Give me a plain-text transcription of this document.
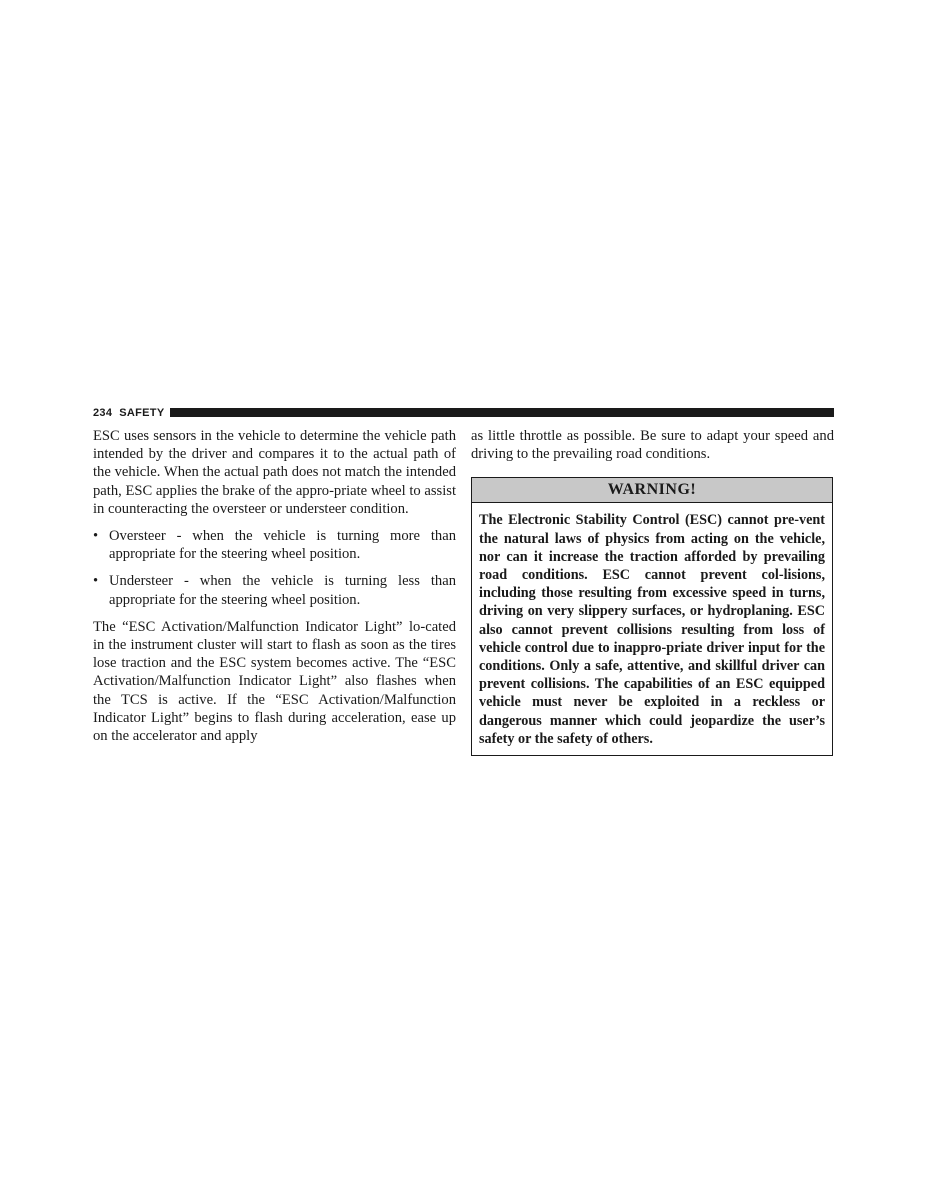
234 SAFETY

ESC uses sensors in the vehicle to determine the vehicle path intended by the driver and compares it to the actual path of the vehicle. When the actual path does not match the intended path, ESC applies the brake of the appro-priate wheel to assist in counteracting the oversteer or understeer condition.

• Oversteer - when the vehicle is turning more than appropriate for the steering wheel position.
• Understeer - when the vehicle is turning less than appropriate for the steering wheel position.

The “ESC Activation/Malfunction Indicator Light” lo-cated in the instrument cluster will start to flash as soon as the tires lose traction and the ESC system becomes active. The “ESC Activation/Malfunction Indicator Light” also flashes when the TCS is active. If the “ESC Activation/Malfunction Indicator Light” begins to flash during acceleration, ease up on the accelerator and apply

as little throttle as possible. Be sure to adapt your speed and driving to the prevailing road conditions.

WARNING!
The Electronic Stability Control (ESC) cannot pre-vent the natural laws of physics from acting on the vehicle, nor can it increase the traction afforded by prevailing road conditions. ESC cannot prevent col-lisions, including those resulting from excessive speed in turns, driving on very slippery surfaces, or hydroplaning. ESC also cannot prevent collisions resulting from loss of vehicle control due to inappro-priate driver input for the conditions. Only a safe, attentive, and skillful driver can prevent collisions. The capabilities of an ESC equipped vehicle must never be exploited in a reckless or dangerous manner which could jeopardize the user’s safety or the safety of others.
